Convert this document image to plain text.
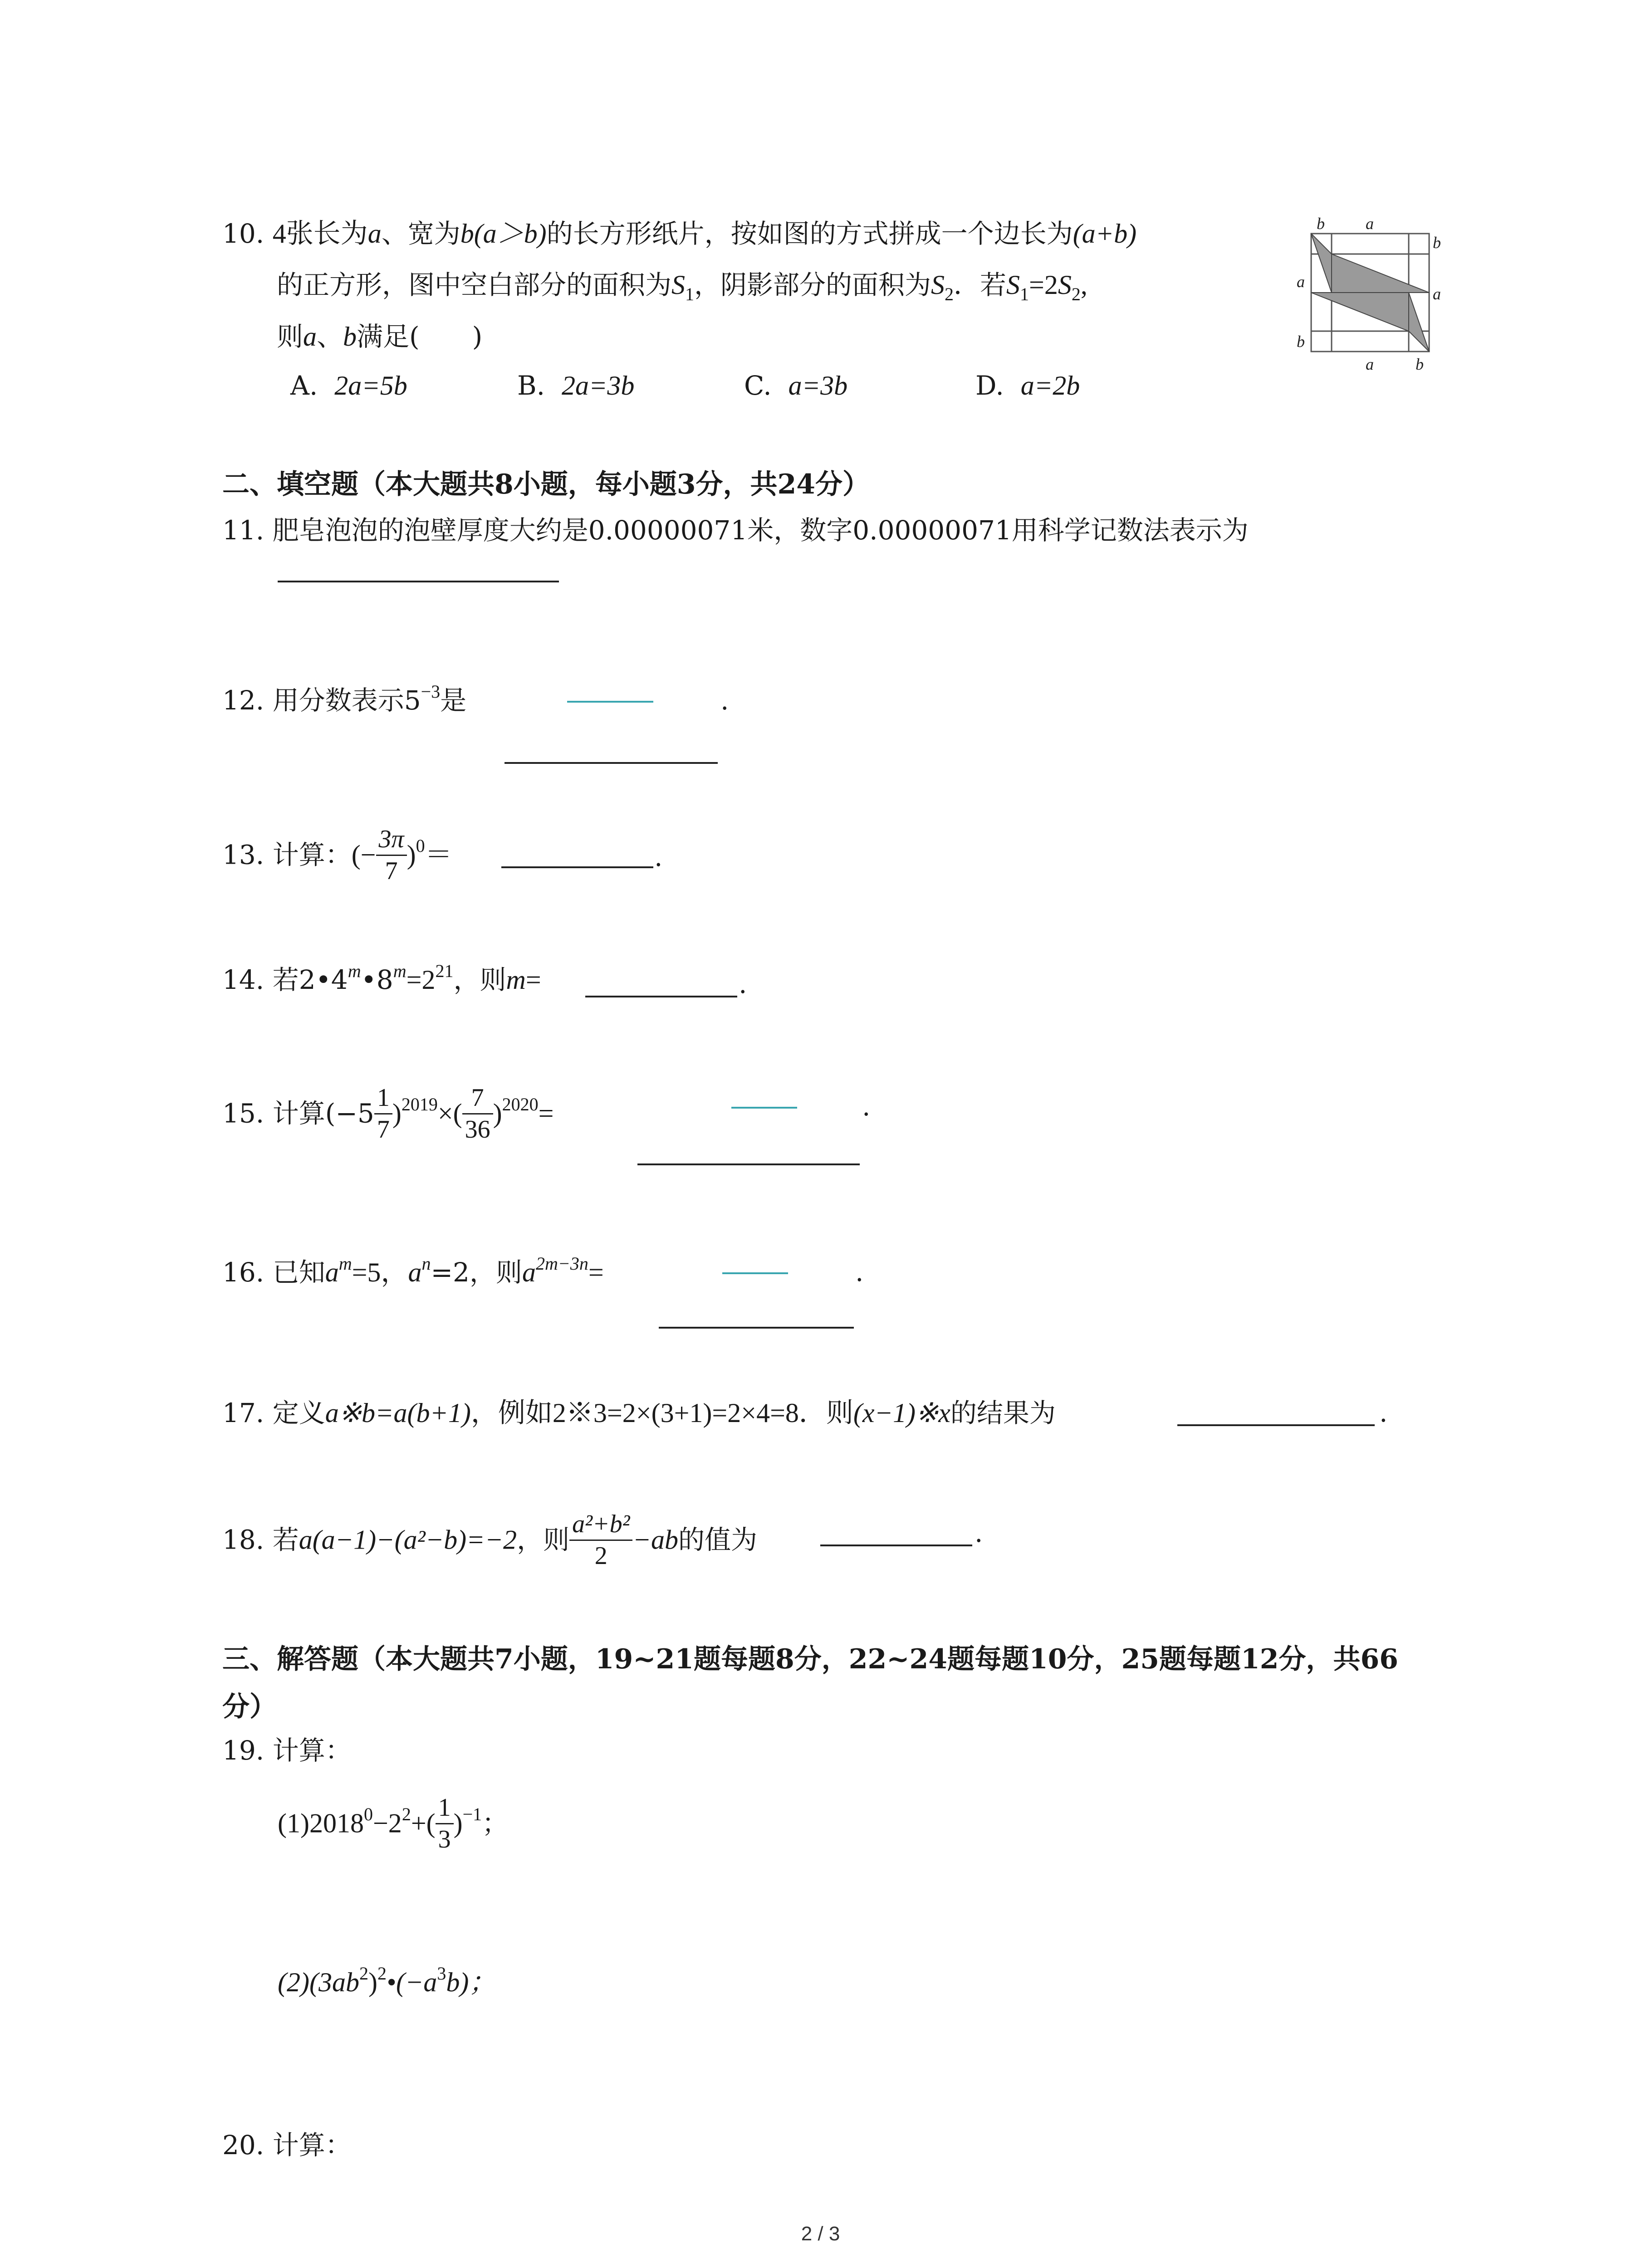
10. 4张长为a、宽为b(a＞b)的长方形纸片，按如图的方式拼成一个边长为(a+b)
的正方形，图中空白部分的面积为$S_1$，阴影部分的面积为$S_2$．若$S_1=2S_2$,
则a、b满足(　　)
A. 2a=5b	B. 2a=3b	C. a=3b	D. a=2b
b	a
b
a
a
b
a	b
二、填空题（本大题共8小题，每小题3分，共24分）
11. 肥皂泡泡的泡壁厚度大约是0.00000071米，数字0.00000071用科学记数法表示为
12. 用分数表示$5^{-3}$是	.
13. 计算：(− $\frac{3\pi}{7} )^0=$	.
14. 若$2•4^m•8^m=2^{21}$，则m=	.
15. 计算$(-5 \frac{1}{7} )^{2019}\times( \frac{7}{36} )^{2020}=$	.
16. 已知$a^m=5$，$a^n=2$，则$a^{2m-3n}=$	.
17. 定义a※b=a(b+1)，例如2※3=2×(3+1)=2×4=8．则(x−1)※x的结果为	.
18. 若a(a−1)−(a²−b)=−2，则 $\frac{\text{a²+b²}}{2} -ab$的值为	.
三、解答题（本大题共7小题，19~21题每题8分，22~24题每题10分，25题每题12分，共66
分）
19. 计算：
$(1)2018^0-2^2+( \frac{1}{3} )^{-1}$；
$(2)(3ab^2)^2•(-a^3b)$；
20. 计算：
2 / 3
